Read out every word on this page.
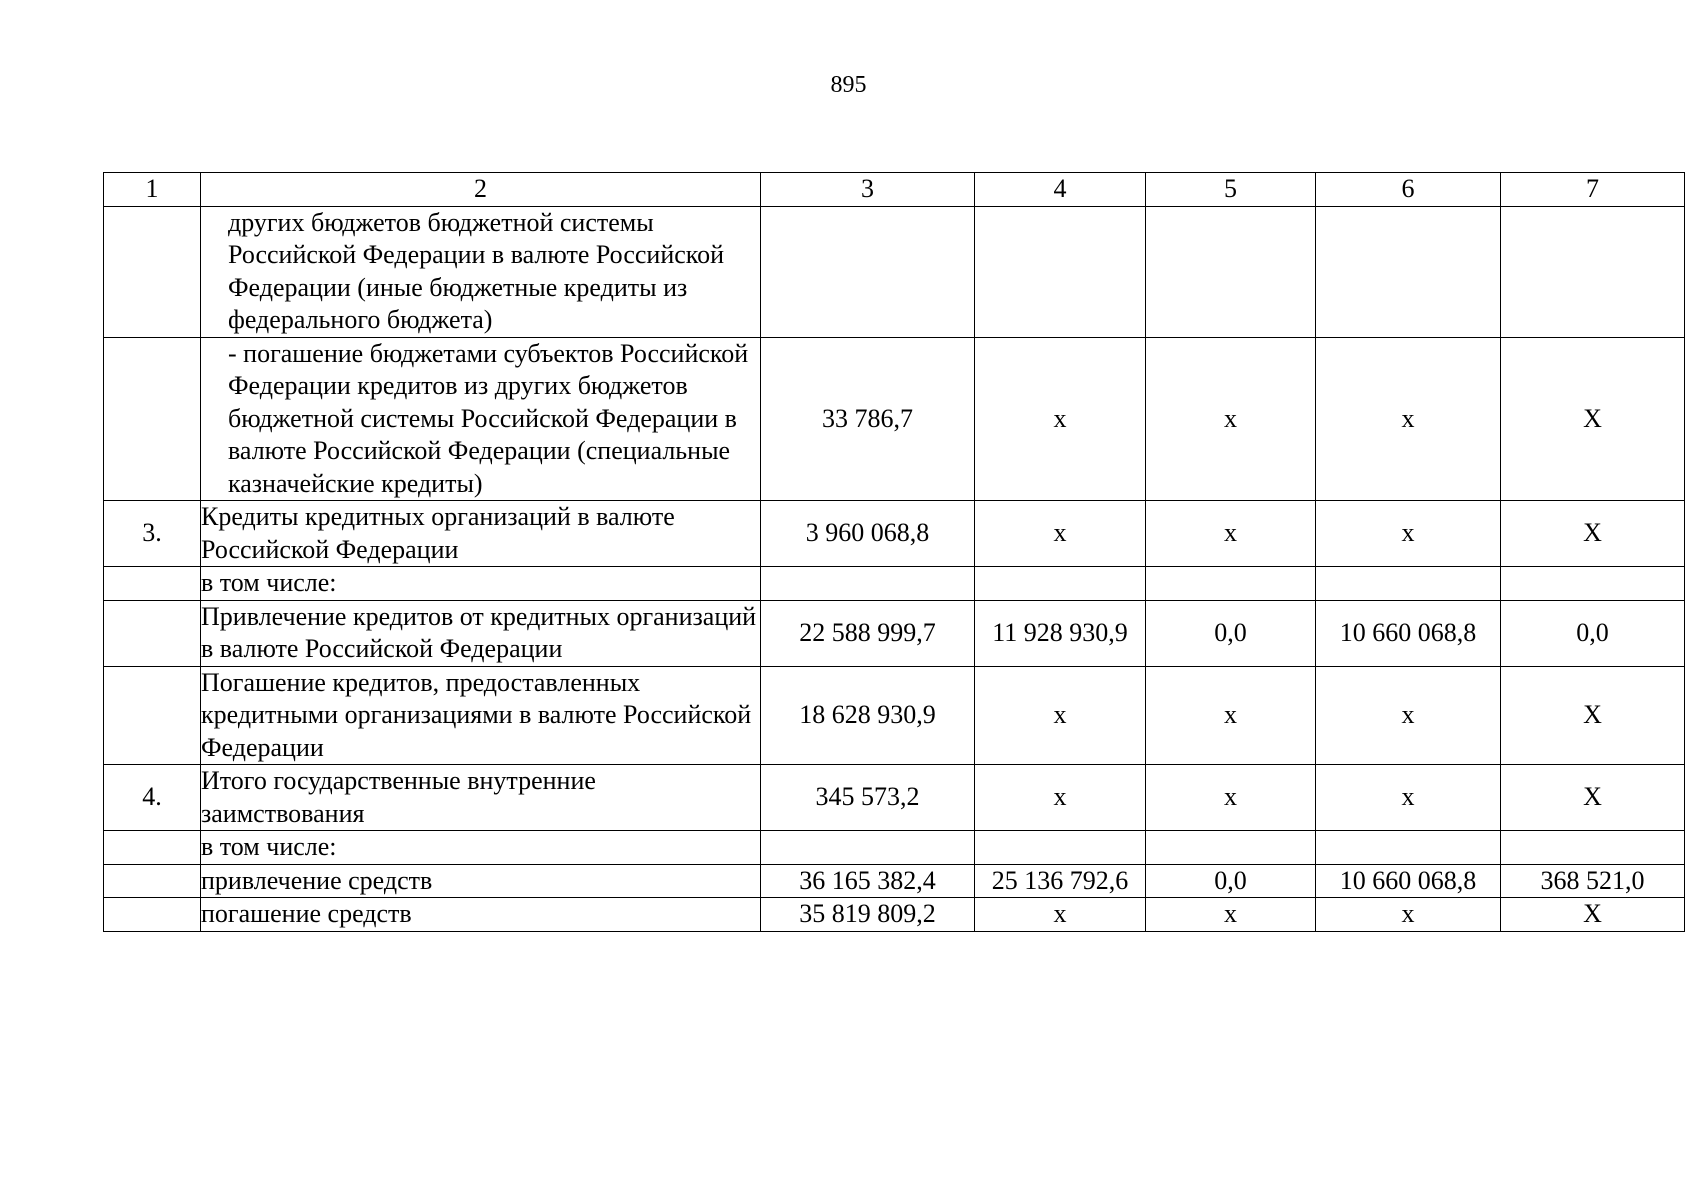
895
1	2	3	4	5	6	7
	других бюджетов бюджетной системы Российской Федерации в валюте Российской Федерации (иные бюджетные кредиты из федерального бюджета)					
	- погашение бюджетами субъектов Российской Федерации кредитов из других бюджетов бюджетной системы Российской Федерации в валюте Российской Федерации (специальные казначейские кредиты)	33 786,7	х	х	х	Х
3.	Кредиты кредитных организаций в валюте Российской Федерации	3 960 068,8	х	х	х	Х
	в том числе:					
	Привлечение кредитов от кредитных организаций в валюте Российской Федерации	22 588 999,7	11 928 930,9	0,0	10 660 068,8	0,0
	Погашение кредитов, предоставленных кредитными организациями в валюте Российской Федерации	18 628 930,9	х	х	х	Х
4.	Итого государственные внутренние заимствования	345 573,2	х	х	х	Х
	в том числе:					
	привлечение средств	36 165 382,4	25 136 792,6	0,0	10 660 068,8	368 521,0
	погашение средств	35 819 809,2	х	х	х	Х
